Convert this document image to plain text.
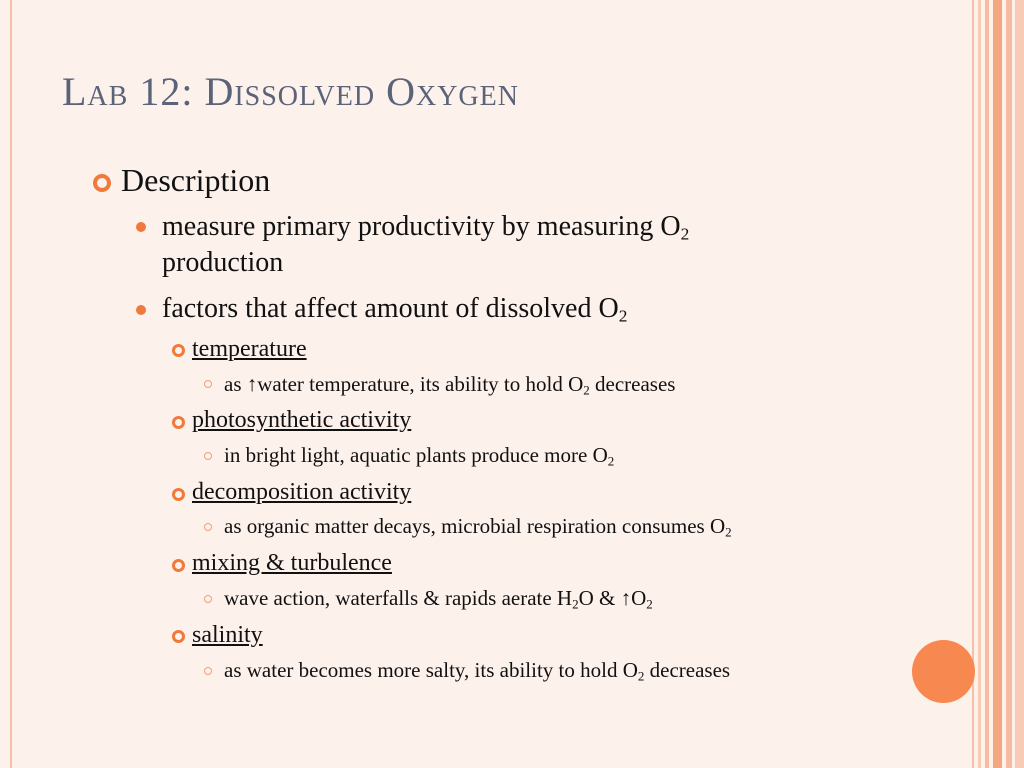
Lab 12: Dissolved Oxygen
Description
measure primary productivity by measuring $O_2$
production
factors that affect amount of dissolved $O_2$
temperature
as ↑water temperature, its ability to hold $O_2$ decreases
photosynthetic activity
in bright light, aquatic plants produce more $O_2$
decomposition activity
as organic matter decays, microbial respiration consumes $O_2$
mixing & turbulence
wave action, waterfalls & rapids aerate $H_2O$ & $↑O_2$
salinity
as water becomes more salty, its ability to hold $O_2$ decreases
